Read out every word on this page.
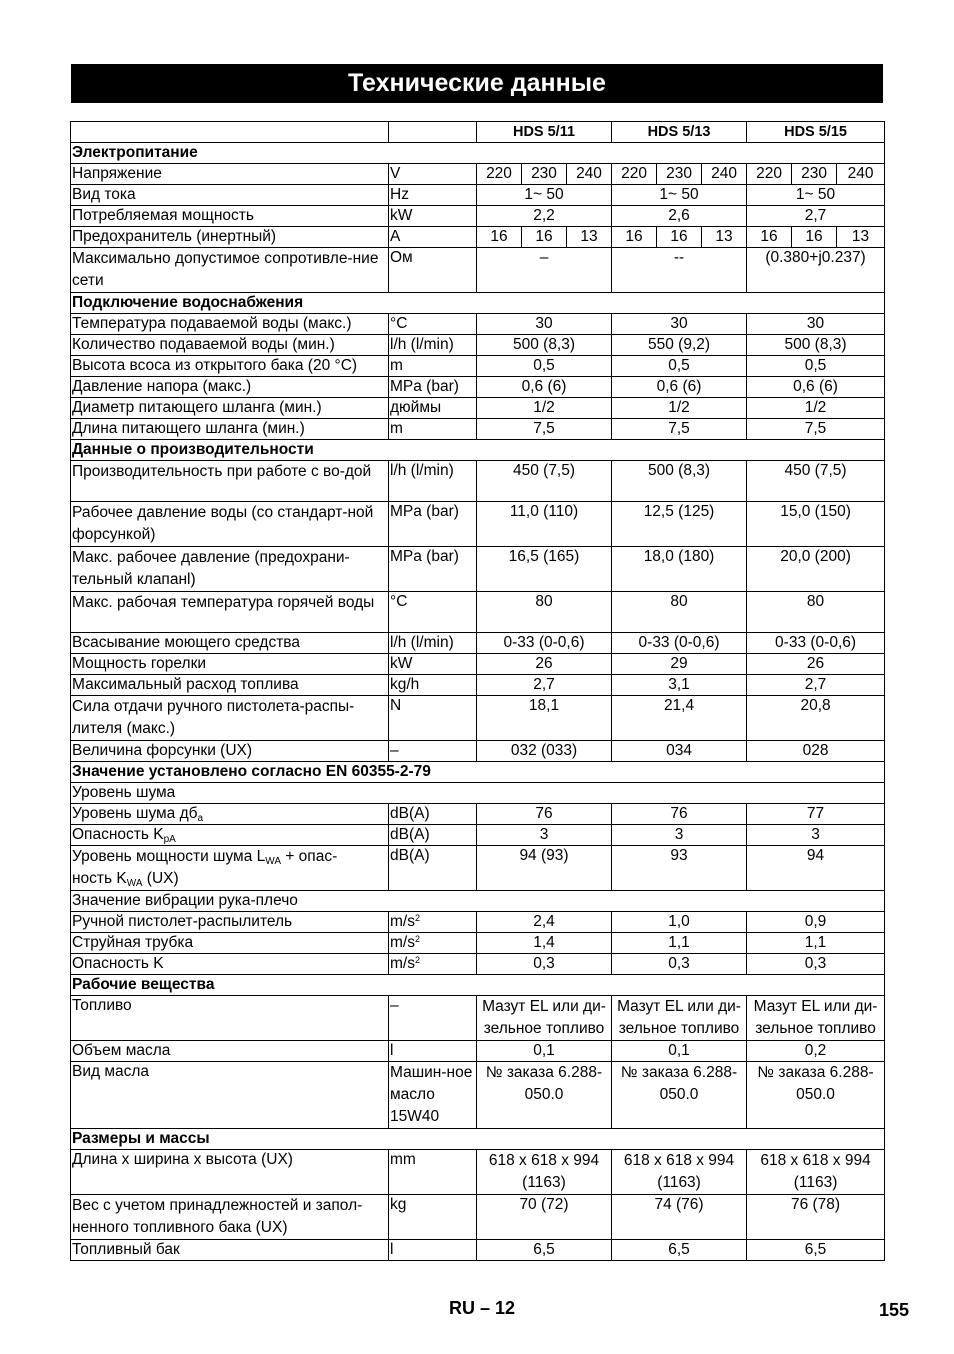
Технические данные
		HDS 5/11			HDS 5/13			HDS 5/15		
Электропитание										
Напряжение	V	220	230	240	220	230	240	220	230	240
Вид тока	Hz	1~ 50			1~ 50			1~ 50		
Потребляемая мощность	kW	2,2			2,6			2,7		
Предохранитель (инертный)	A	16	16	13	16	16	13	16	16	13
Максимально допустимое сопротивле-ние сети	Ом	–			--			(0.380+j0.237)		
Подключение водоснабжения										
Температура подаваемой воды (макс.)	°C	30			30			30		
Количество подаваемой воды (мин.)	l/h (l/min)	500 (8,3)			550 (9,2)			500 (8,3)		
Высота всоса из открытого бака (20 °C)	m	0,5			0,5			0,5		
Давление напора (макс.)	MPa (bar)	0,6 (6)			0,6 (6)			0,6 (6)		
Диаметр питающего шланга (мин.)	дюймы	1/2			1/2			1/2		
Длина питающего шланга (мин.)	m	7,5			7,5			7,5		
Данные о производительности										
Производительность при работе с во-дой	l/h (l/min)	450 (7,5)			500 (8,3)			450 (7,5)		
Рабочее давление воды (со стандарт-ной форсункой)	MPa (bar)	11,0 (110)			12,5 (125)			15,0 (150)		
Макс. рабочее давление (предохрани-тельный клапанl)	MPa (bar)	16,5 (165)			18,0 (180)			20,0 (200)		
Макс. рабочая температура горячей воды	°C	80			80			80		
Всасывание моющего средства	l/h (l/min)	0-33 (0-0,6)			0-33 (0-0,6)			0-33 (0-0,6)		
Мощность горелки	kW	26			29			26		
Максимальный расход топлива	kg/h	2,7			3,1			2,7		
Сила отдачи ручного пистолета-распы-лителя (макс.)	N	18,1			21,4			20,8		
Величина форсунки (UX)	–	032 (033)			034			028		
Значение установлено согласно EN 60355-2-79										
Уровень шума										
Уровень шума $дб_a$	dB(A)	76			76			77		
Опасность $K_{pA}$	dB(A)	3			3			3		
Уровень мощности шума $L_{WA}$ + опас-
ность $K_{WA}$ (UX)	dB(A)	94 (93)			93			94		
Значение вибрации рука-плечо										
Ручной пистолет-распылитель	$m/s^2$	2,4			1,0			0,9		
Струйная трубка	$m/s^2$	1,4			1,1			1,1		
Опасность K	$m/s^2$	0,3			0,3			0,3		
Рабочие вещества										
Топливо	–	Мазут EL или ди-зельное топливо			Мазут EL или ди-зельное топливо			Мазут EL или ди-зельное топливо		
Объем масла	l	0,1			0,1			0,2		
Вид масла	Машин-ное масло 15W40	№ заказа 6.288-050.0			№ заказа 6.288-050.0			№ заказа 6.288-050.0		
Размеры и массы										
Длина x ширина x высота (UX)	mm	618 x 618 x 994 (1163)			618 x 618 x 994 (1163)			618 x 618 x 994 (1163)		
Вес с учетом принадлежностей и запол-ненного топливного бака (UX)	kg	70 (72)			74 (76)			76 (78)		
Топливный бак	l	6,5			6,5			6,5		
RU – 12	155
